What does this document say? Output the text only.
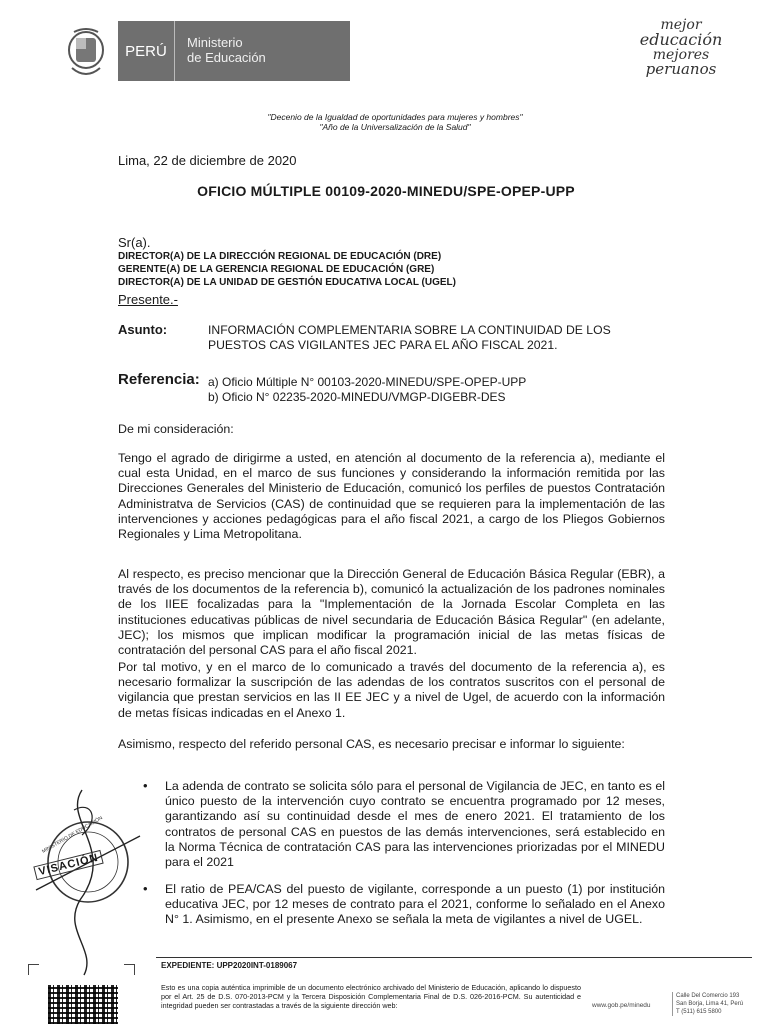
PERÚ	Ministerio
de Educación
mejor
educación
mejores
peruanos
"Decenio de la Igualdad de oportunidades para mujeres y hombres"
"Año de la Universalización de la Salud"
Lima, 22 de diciembre de 2020
OFICIO MÚLTIPLE 00109-2020-MINEDU/SPE-OPEP-UPP
Sr(a).
DIRECTOR(A) DE LA DIRECCIÓN REGIONAL DE EDUCACIÓN (DRE)
GERENTE(A) DE LA GERENCIA REGIONAL DE EDUCACIÓN (GRE)
DIRECTOR(A) DE LA UNIDAD DE GESTIÓN EDUCATIVA LOCAL (UGEL)
Presente.-
Asunto:	INFORMACIÓN COMPLEMENTARIA SOBRE LA CONTINUIDAD DE LOS
PUESTOS CAS VIGILANTES JEC PARA EL AÑO FISCAL 2021.
Referencia: a) Oficio Múltiple N° 00103-2020-MINEDU/SPE-OPEP-UPP
b) Oficio N° 02235-2020-MINEDU/VMGP-DIGEBR-DES
De mi consideración:
Tengo el agrado de dirigirme a usted, en atención al documento de la referencia a), mediante el cual esta Unidad, en el marco de sus funciones y considerando la información remitida por las Direcciones Generales del Ministerio de Educación, comunicó los perfiles de puestos Contratación Administratva de Servicios (CAS) de continuidad que se requieren para la implementación de las intervenciones y acciones pedagógicas para el año fiscal 2021, a cargo de los Pliegos Gobiernos Regionales y Lima Metropolitana.
Al respecto, es preciso mencionar que la Dirección General de Educación Básica Regular (EBR), a través de los documentos de la referencia b), comunicó la actualización de los padrones nominales de los IIEE focalizadas para la "Implementación de la Jornada Escolar Completa en las instituciones educativas públicas de nivel secundaria de Educación Básica Regular" (en adelante, JEC); los mismos que implican modificar la programación inicial de las metas físicas de contratación del personal CAS para el año fiscal 2021.
Por tal motivo, y en el marco de lo comunicado a través del documento de la referencia a), es necesario formalizar la suscripción de las adendas de los contratos suscritos con el personal de vigilancia que prestan servicios en las II EE JEC y a nivel de Ugel, de acuerdo con la información de metas físicas indicadas en el Anexo 1.
Asimismo, respecto del referido personal CAS, es necesario precisar e informar lo siguiente:
• La adenda de contrato se solicita sólo para el personal de Vigilancia de JEC, en tanto es el único puesto de la intervención cuyo contrato se encuentra programado por 12 meses, garantizando así su continuidad desde el mes de enero 2021. El tratamiento de los contratos de personal CAS en puestos de las demás intervenciones, será establecido en la Norma Técnica de contratación CAS para las intervenciones priorizadas por el MINEDU para el 2021
• El ratio de PEA/CAS del puesto de vigilante, corresponde a un puesto (1) por institución educativa JEC, por 12 meses de contrato para el 2021, conforme lo señalado en el Anexo N° 1. Asimismo, en el presente Anexo se señala la meta de vigilantes a nivel de UGEL.
VISACIÓN
MINISTERIO DE EDUCACIÓN
EXPEDIENTE: UPP2020INT-0189067
Esto es una copia auténtica imprimible de un documento electrónico archivado del Ministerio de Educación, aplicando lo dispuesto por el Art. 25 de D.S. 070-2013-PCM y la Tercera Disposición Complementaria Final de D.S. 026-2016-PCM. Su autenticidad e integridad pueden ser contrastadas a través de la siguiente dirección web:	www.gob.pe/minedu
Calle Del Comercio 193
San Borja, Lima 41, Perú
T (511) 615 5800
